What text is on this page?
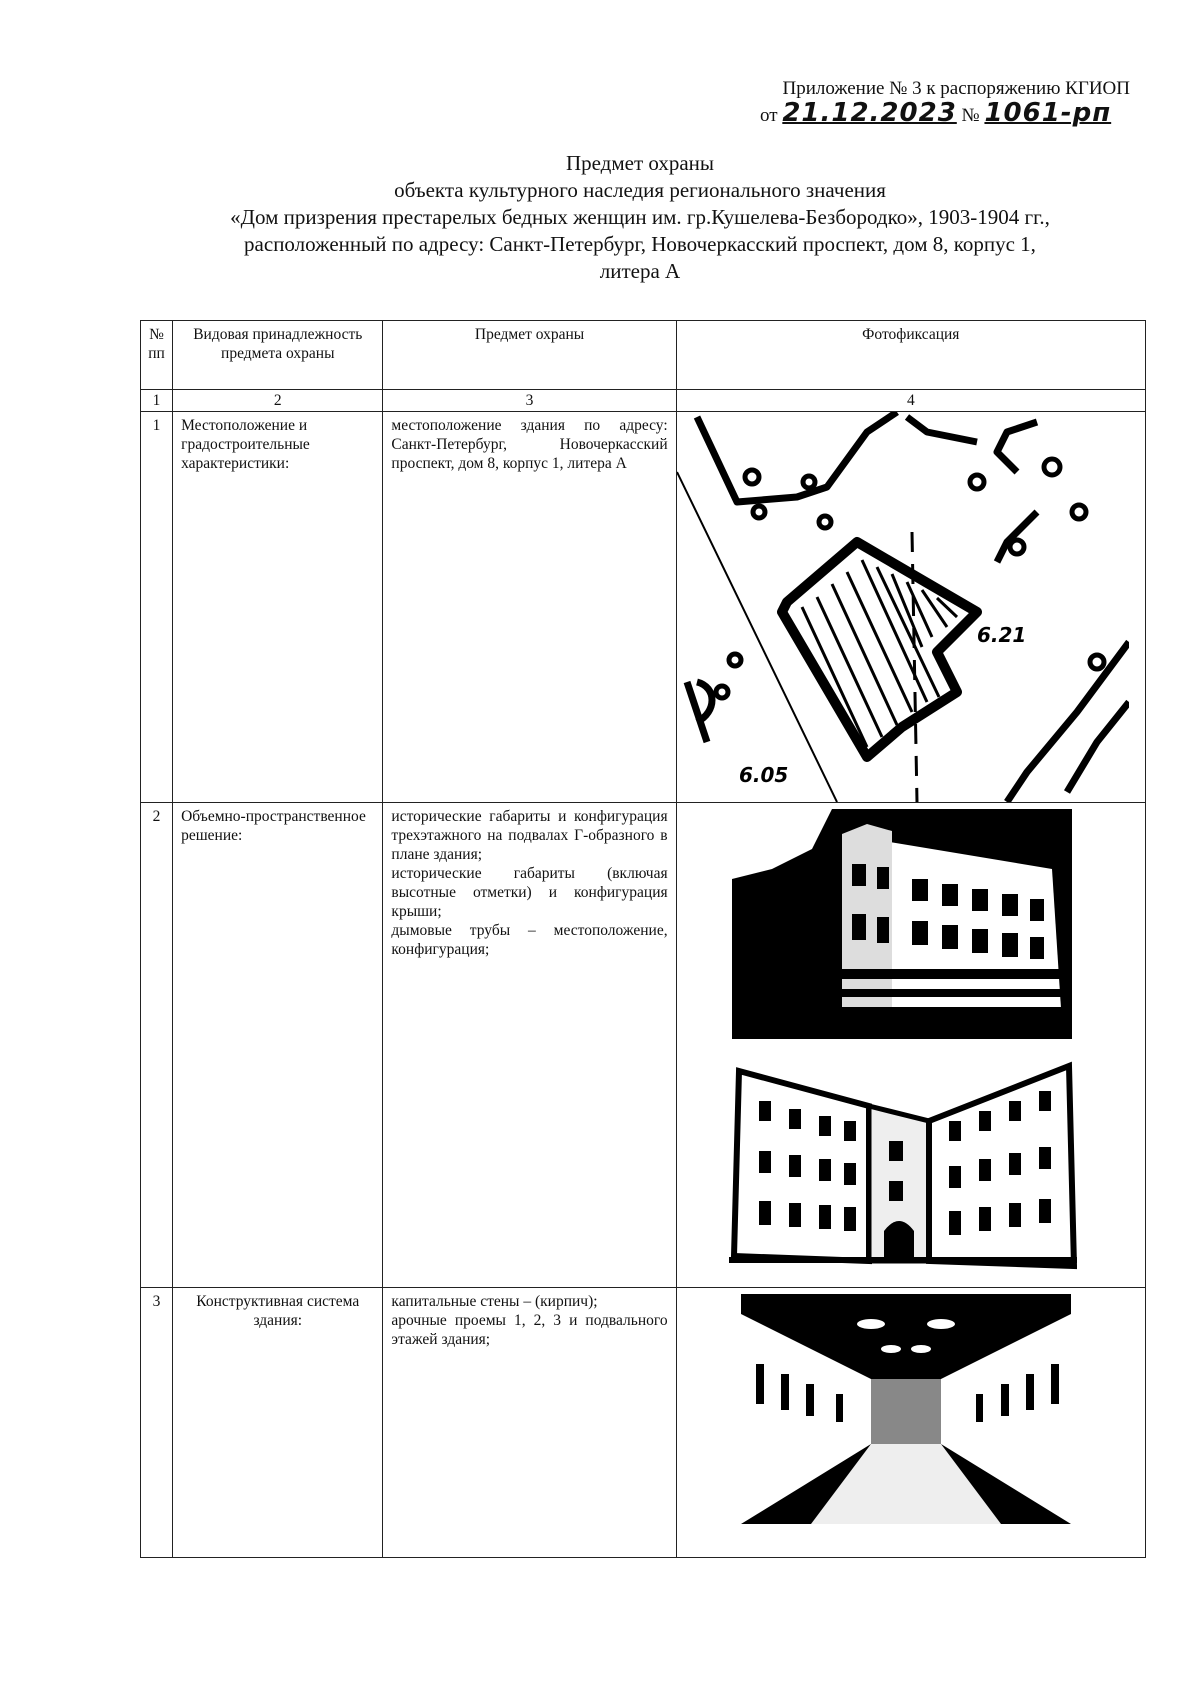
Приложение № 3 к распоряжению КГИОП
от 21.12.2023 № 1061-рп
Предмет охраны
объекта культурного наследия регионального значения
«Дом призрения престарелых бедных женщин им. гр.Кушелева-Безбородко», 1903-1904 гг.,
расположенный по адресу: Санкт-Петербург, Новочеркасский проспект, дом 8, корпус 1,
литера А
№ пп	Видовая принадлежность предмета охраны	Предмет охраны	Фотофиксация
1	2	3	4
1	Местоположение и градостроительные характеристики:	местоположение здания по адресу: Санкт-Петербург, Новочеркасский проспект, дом 8, корпус 1, литера А	6.21
6.05

2	Объемно-пространственное решение:	исторические габариты и конфигурация трехэтажного на подвалах Г-образного в плане здания;
исторические габариты (включая высотные отметки) и конфигурация крыши;
дымовые трубы – местоположение, конфигурация;

3	Конструктивная система здания:	капитальные стены – (кирпич);
арочные проемы 1, 2, 3 и подвального этажей здания;
